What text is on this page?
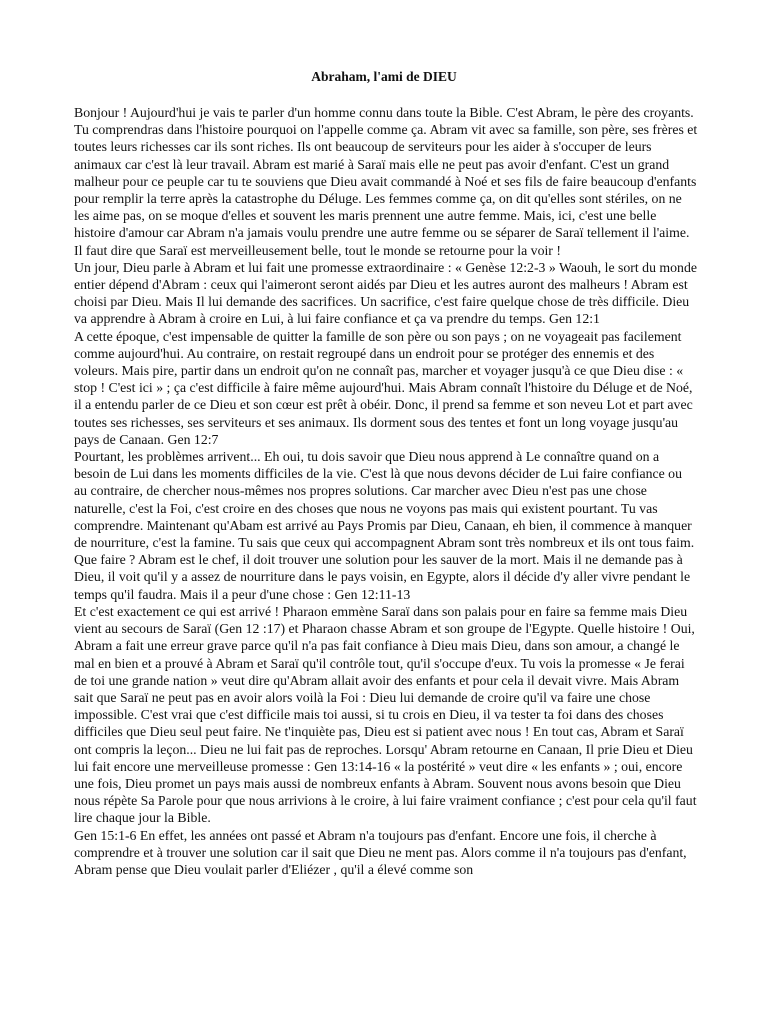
Abraham, l'ami de DIEU

Bonjour ! Aujourd'hui je vais te parler d'un homme connu dans toute la Bible. C'est Abram, le père des croyants. Tu comprendras dans l'histoire pourquoi on l'appelle comme ça. Abram vit avec sa famille, son père, ses frères et toutes leurs richesses car ils sont riches. Ils ont beaucoup de serviteurs pour les aider à s'occuper de leurs animaux car c'est là leur travail. Abram est marié à Saraï mais elle ne peut pas avoir d'enfant. C'est un grand malheur pour ce peuple car tu te souviens que Dieu avait commandé à Noé et ses fils de faire beaucoup d'enfants pour remplir la terre après la catastrophe du Déluge. Les femmes comme ça, on dit qu'elles sont stériles, on ne les aime pas, on se moque d'elles et souvent les maris prennent une autre femme. Mais, ici, c'est une belle histoire d'amour car Abram n'a jamais voulu prendre une autre femme ou se séparer de Saraï tellement il l'aime. Il faut dire que Saraï est merveilleusement belle, tout le monde se retourne pour la voir !

Un jour, Dieu parle à Abram et lui fait une promesse extraordinaire : « Genèse 12:2-3 » Waouh, le sort du monde entier dépend d'Abram : ceux qui l'aimeront seront aidés par Dieu et les autres auront des malheurs ! Abram est choisi par Dieu. Mais Il lui demande des sacrifices. Un sacrifice, c'est faire quelque chose de très difficile. Dieu va apprendre à Abram à croire en Lui, à lui faire confiance et ça va prendre du temps. Gen 12:1

A cette époque, c'est impensable de quitter la famille de son père ou son pays ; on ne voyageait pas facilement comme aujourd'hui. Au contraire, on restait regroupé dans un endroit pour se protéger des ennemis et des voleurs. Mais pire, partir dans un endroit qu'on ne connaît pas, marcher et voyager jusqu'à ce que Dieu dise : « stop ! C'est ici » ; ça c'est difficile à faire même aujourd'hui. Mais Abram connaît l'histoire du Déluge et de Noé, il a entendu parler de ce Dieu et son cœur est prêt à obéir. Donc, il prend sa femme et son neveu Lot et part avec toutes ses richesses, ses serviteurs et ses animaux. Ils dorment sous des tentes et font un long voyage jusqu'au pays de Canaan. Gen 12:7

Pourtant, les problèmes arrivent... Eh oui, tu dois savoir que Dieu nous apprend à Le connaître quand on a besoin de Lui dans les moments difficiles de la vie. C'est là que nous devons décider de Lui faire confiance ou au contraire, de chercher nous-mêmes nos propres solutions. Car marcher avec Dieu n'est pas une chose naturelle, c'est la Foi, c'est croire en des choses que nous ne voyons pas mais qui existent pourtant. Tu vas comprendre. Maintenant qu'Abam est arrivé au Pays Promis par Dieu, Canaan, eh bien, il commence à manquer de nourriture, c'est la famine. Tu sais que ceux qui accompagnent Abram sont très nombreux et ils ont tous faim. Que faire ? Abram est le chef, il doit trouver une solution pour les sauver de la mort. Mais il ne demande pas à Dieu, il voit qu'il y a assez de nourriture dans le pays voisin, en Egypte, alors il décide d'y aller vivre pendant le temps qu'il faudra. Mais il a peur d'une chose : Gen 12:11-13

Et c'est exactement ce qui est arrivé ! Pharaon emmène Saraï dans son palais pour en faire sa femme mais Dieu vient au secours de Saraï (Gen 12 :17) et Pharaon chasse Abram et son groupe de l'Egypte. Quelle histoire ! Oui, Abram a fait une erreur grave parce qu'il n'a pas fait confiance à Dieu mais Dieu, dans son amour, a changé le mal en bien et a prouvé à Abram et Saraï qu'il contrôle tout, qu'il s'occupe d'eux. Tu vois la promesse « Je ferai de toi une grande nation » veut dire qu'Abram allait avoir des enfants et pour cela il devait vivre. Mais Abram sait que Saraï ne peut pas en avoir alors voilà la Foi : Dieu lui demande de croire qu'il va faire une chose impossible. C'est vrai que c'est difficile mais toi aussi, si tu crois en Dieu, il va tester ta foi dans des choses difficiles que Dieu seul peut faire. Ne t'inquiète pas, Dieu est si patient avec nous ! En tout cas, Abram et Saraï ont compris la leçon... Dieu ne lui fait pas de reproches. Lorsqu' Abram retourne en Canaan, Il prie Dieu et Dieu lui fait encore une merveilleuse promesse : Gen 13:14-16 « la postérité » veut dire « les enfants » ; oui, encore une fois, Dieu promet un pays mais aussi de nombreux enfants à Abram. Souvent nous avons besoin que Dieu nous répète Sa Parole pour que nous arrivions à le croire, à lui faire vraiment confiance ; c'est pour cela qu'il faut lire chaque jour la Bible.

Gen 15:1-6 En effet, les années ont passé et Abram n'a toujours pas d'enfant. Encore une fois, il cherche à comprendre et à trouver une solution car il sait que Dieu ne ment pas. Alors comme il n'a toujours pas d'enfant, Abram pense que Dieu voulait parler d'Eliézer , qu'il a élevé comme son
